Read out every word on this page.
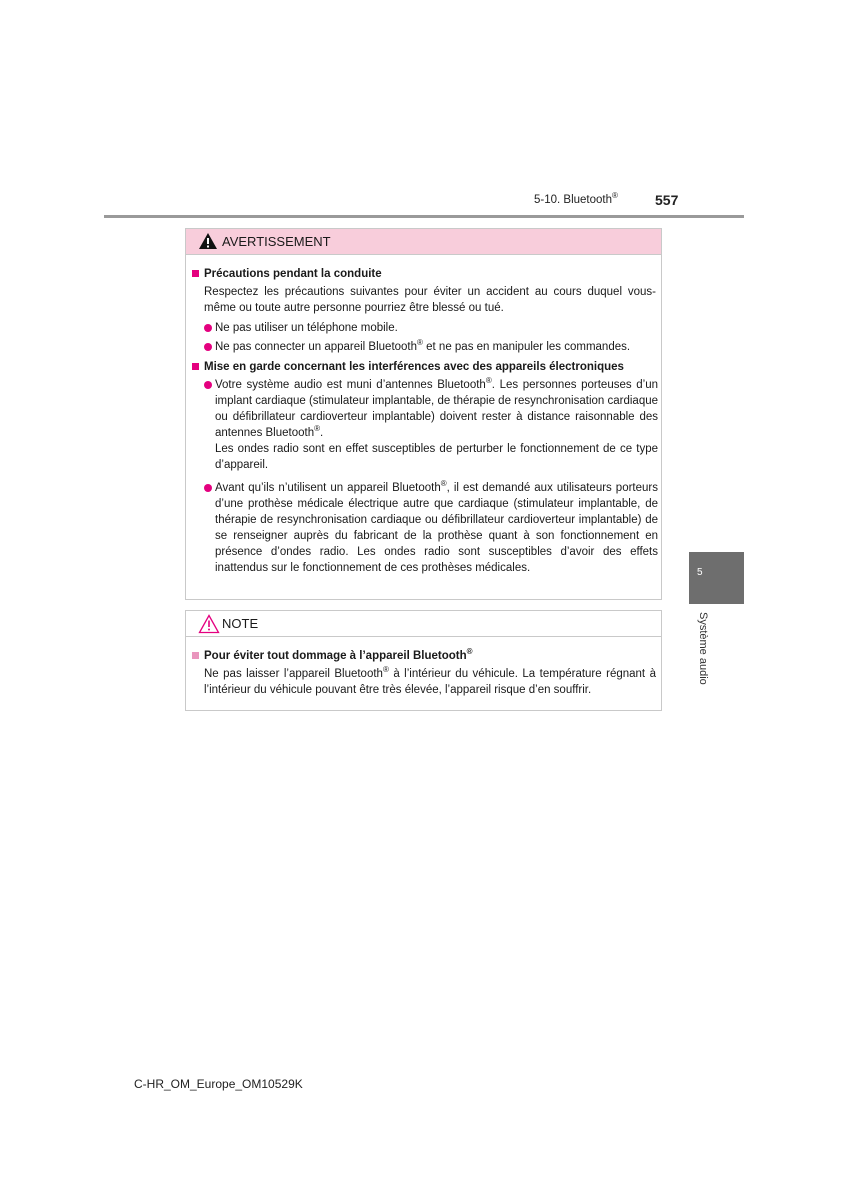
5-10. Bluetooth®	557
5
Système audio
AVERTISSEMENT
Précautions pendant la conduite
Respectez les précautions suivantes pour éviter un accident au cours duquel vous-même ou toute autre personne pourriez être blessé ou tué.
Ne pas utiliser un téléphone mobile.
Ne pas connecter un appareil Bluetooth® et ne pas en manipuler les commandes.
Mise en garde concernant les interférences avec des appareils électroniques
Votre système audio est muni d’antennes Bluetooth®. Les personnes porteuses d’un implant cardiaque (stimulateur implantable, de thérapie de resynchronisation cardiaque ou défibrillateur cardioverteur implantable) doivent rester à distance raisonnable des antennes Bluetooth®.
Les ondes radio sont en effet susceptibles de perturber le fonctionnement de ce type d’appareil.
Avant qu’ils n’utilisent un appareil Bluetooth®, il est demandé aux utilisateurs porteurs d’une prothèse médicale électrique autre que cardiaque (stimulateur implantable, de thérapie de resynchronisation cardiaque ou défibrillateur cardioverteur implantable) de se renseigner auprès du fabricant de la prothèse quant à son fonctionnement en présence d’ondes radio. Les ondes radio sont susceptibles d’avoir des effets inattendus sur le fonctionnement de ces prothèses médicales.
NOTE
Pour éviter tout dommage à l’appareil Bluetooth®
Ne pas laisser l’appareil Bluetooth® à l’intérieur du véhicule. La température régnant à l’intérieur du véhicule pouvant être très élevée, l’appareil risque d’en souffrir.
C-HR_OM_Europe_OM10529K
